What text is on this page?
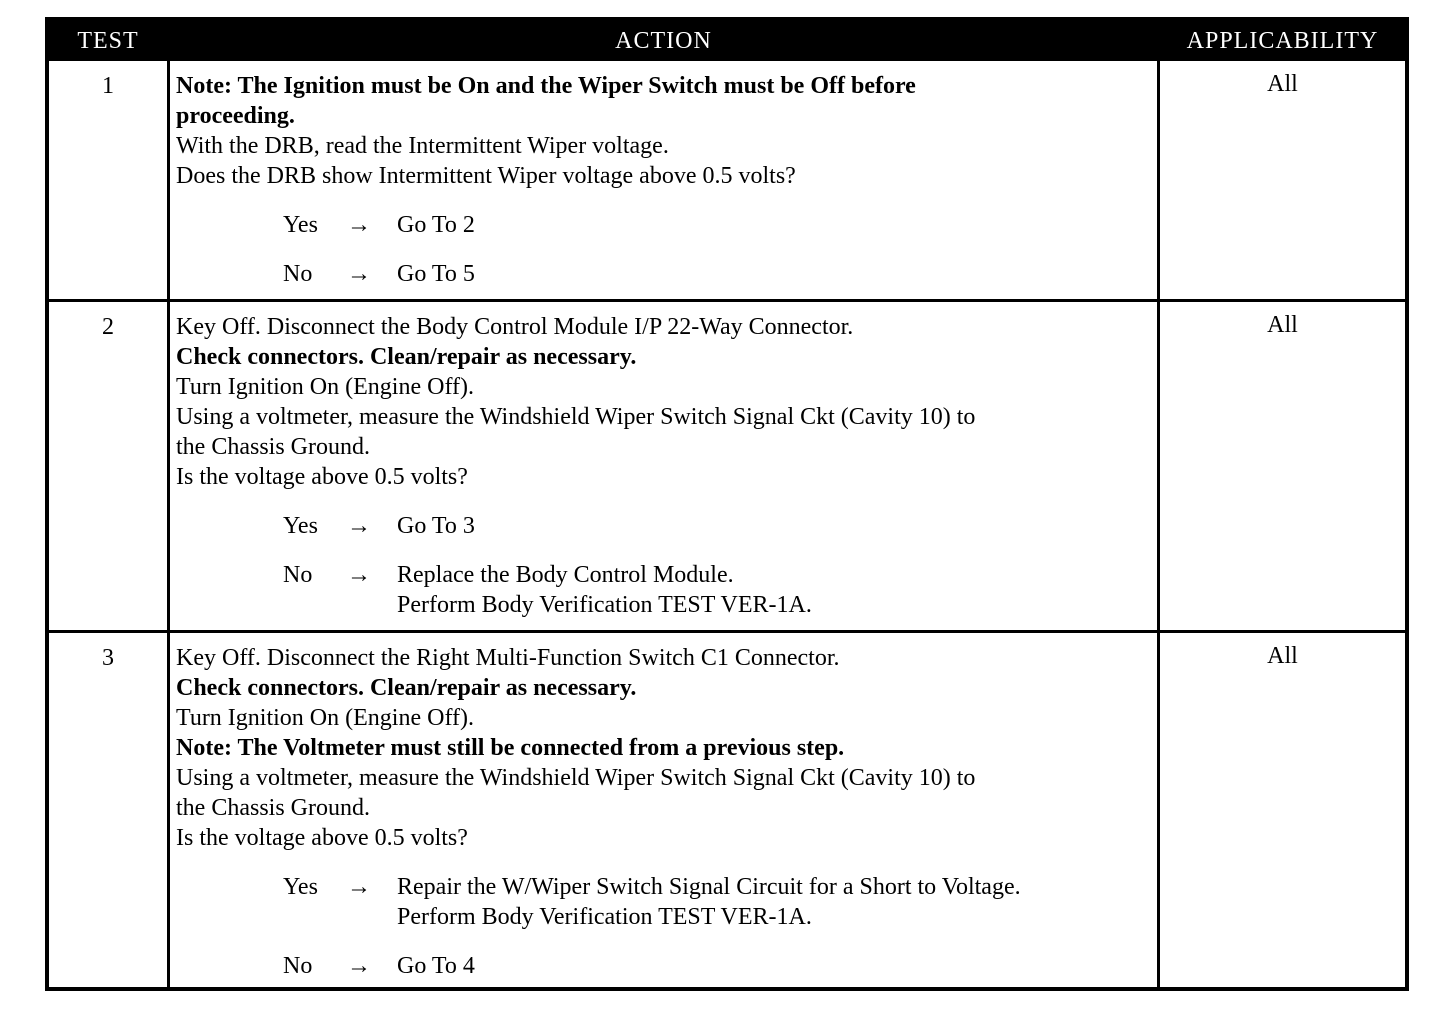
TEST	ACTION	APPLICABILITY
1	Note: The Ignition must be On and the Wiper Switch must be Off before
proceeding.
With the DRB, read the Intermittent Wiper voltage.
Does the DRB show Intermittent Wiper voltage above 0.5 volts?
Yes → Go To 2
No → Go To 5
All
2	Key Off. Disconnect the Body Control Module I/P 22-Way Connector.
Check connectors. Clean/repair as necessary.
Turn Ignition On (Engine Off).
Using a voltmeter, measure the Windshield Wiper Switch Signal Ckt (Cavity 10) to
the Chassis Ground.
Is the voltage above 0.5 volts?
Yes → Go To 3
No → Replace the Body Control Module.
Perform Body Verification TEST VER-1A.
All
3	Key Off. Disconnect the Right Multi-Function Switch C1 Connector.
Check connectors. Clean/repair as necessary.
Turn Ignition On (Engine Off).
Note: The Voltmeter must still be connected from a previous step.
Using a voltmeter, measure the Windshield Wiper Switch Signal Ckt (Cavity 10) to
the Chassis Ground.
Is the voltage above 0.5 volts?
Yes → Repair the W/Wiper Switch Signal Circuit for a Short to Voltage.
Perform Body Verification TEST VER-1A.
No → Go To 4
All
